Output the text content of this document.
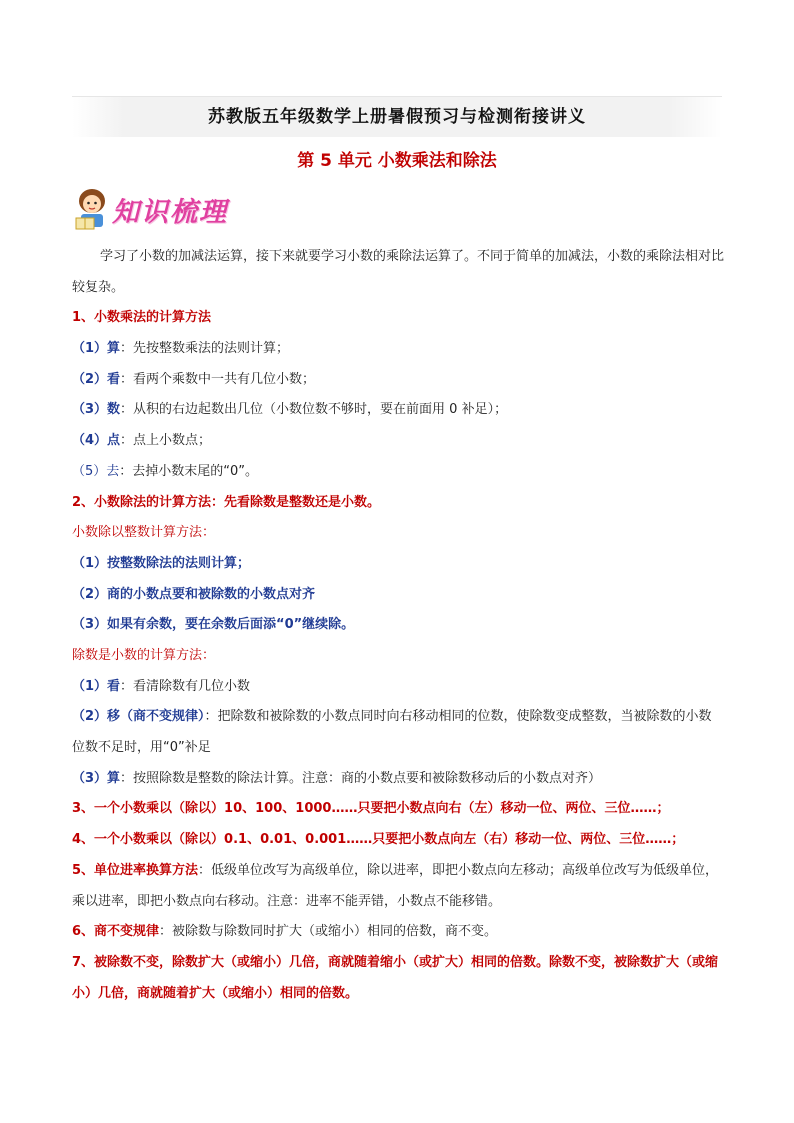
苏教版五年级数学上册暑假预习与检测衔接讲义
第 5 单元 小数乘法和除法
知识梳理
学习了小数的加减法运算，接下来就要学习小数的乘除法运算了。不同于简单的加减法，小数的乘除法相对比较复杂。
1、小数乘法的计算方法
（1）算：先按整数乘法的法则计算；
（2）看：看两个乘数中一共有几位小数；
（3）数：从积的右边起数出几位（小数位数不够时，要在前面用 0 补足）；
（4）点：点上小数点；
（5）去：去掉小数末尾的“0”。
2、小数除法的计算方法：先看除数是整数还是小数。
小数除以整数计算方法：
（1）按整数除法的法则计算；
（2）商的小数点要和被除数的小数点对齐
（3）如果有余数，要在余数后面添“0”继续除。
除数是小数的计算方法：
（1）看：看清除数有几位小数
（2）移（商不变规律）：把除数和被除数的小数点同时向右移动相同的位数，使除数变成整数，当被除数的小数位数不足时，用“0”补足
（3）算：按照除数是整数的除法计算。注意：商的小数点要和被除数移动后的小数点对齐）
3、一个小数乘以（除以）10、100、1000……只要把小数点向右（左）移动一位、两位、三位……；
4、一个小数乘以（除以）0.1、0.01、0.001……只要把小数点向左（右）移动一位、两位、三位……；
5、单位进率换算方法：低级单位改写为高级单位，除以进率，即把小数点向左移动；高级单位改写为低级单位，乘以进率，即把小数点向右移动。注意：进率不能弄错，小数点不能移错。
6、商不变规律：被除数与除数同时扩大（或缩小）相同的倍数，商不变。
7、被除数不变，除数扩大（或缩小）几倍，商就随着缩小（或扩大）相同的倍数。除数不变，被除数扩大（或缩小）几倍，商就随着扩大（或缩小）相同的倍数。
